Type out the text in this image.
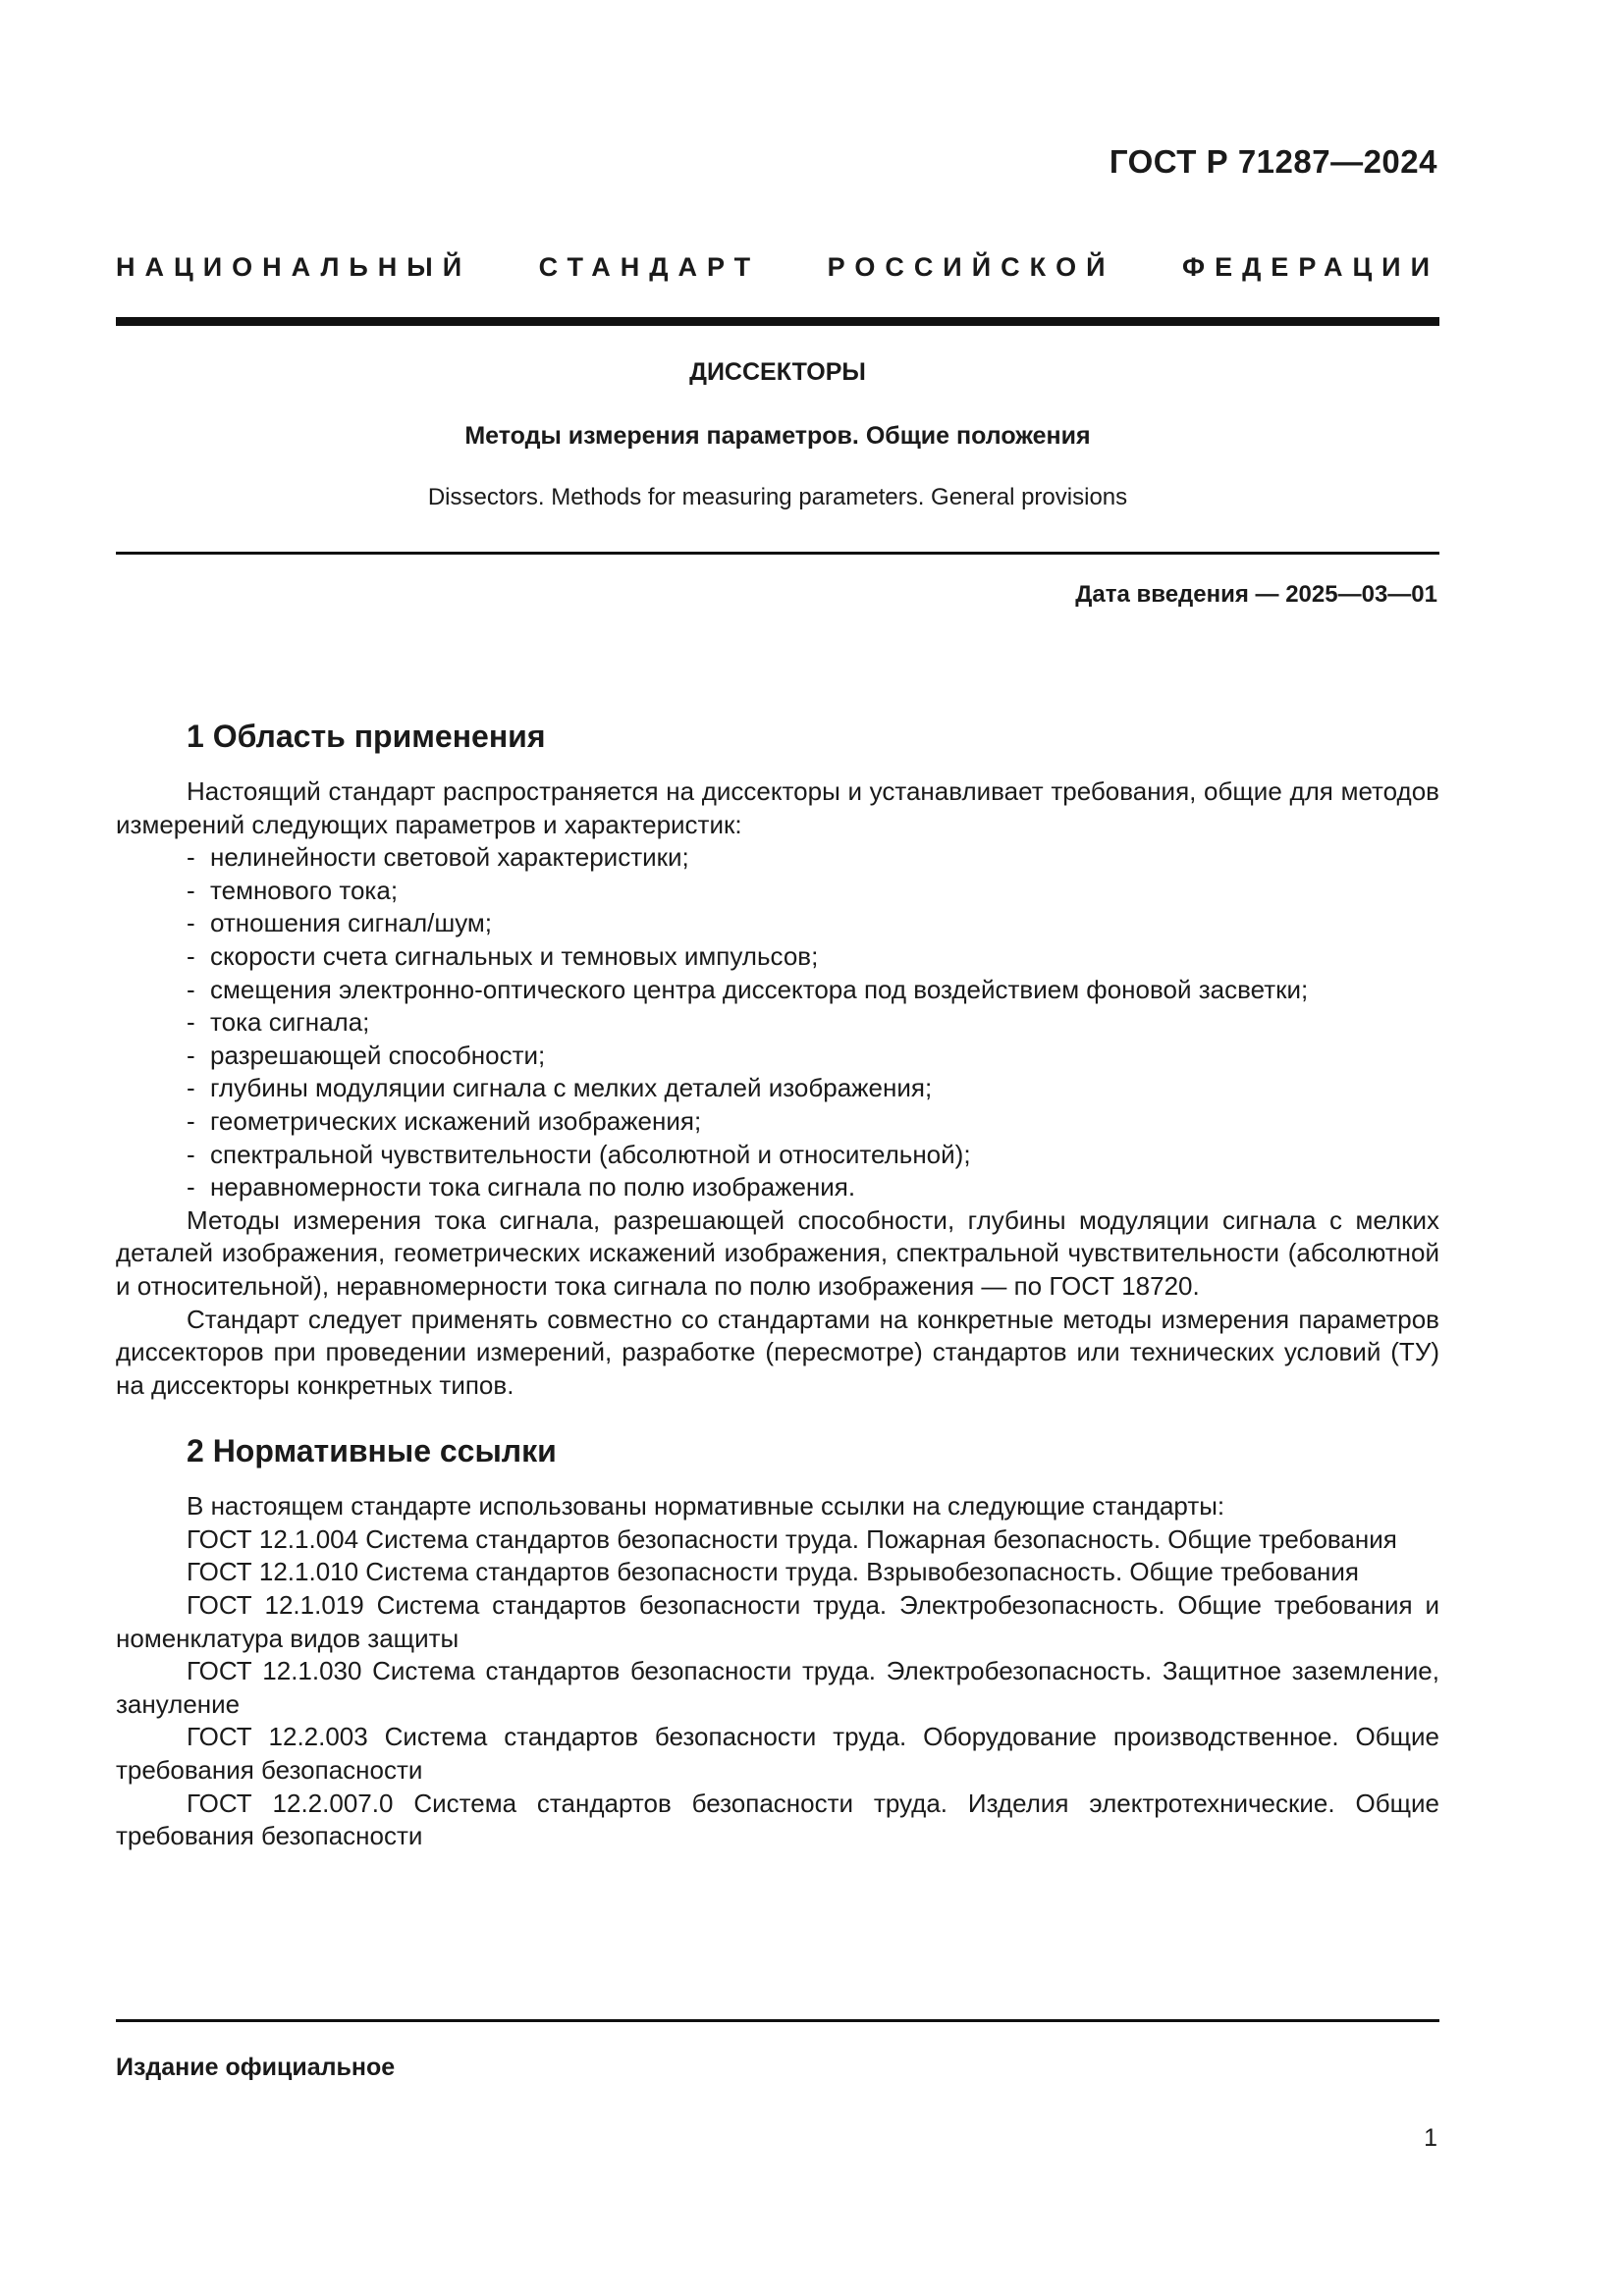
ГОСТ Р 71287—2024
НАЦИОНАЛЬНЫЙ СТАНДАРТ РОССИЙСКОЙ ФЕДЕРАЦИИ
ДИССЕКТОРЫ
Методы измерения параметров. Общие положения
Dissectors. Methods for measuring parameters. General provisions
Дата введения — 2025—03—01
1 Область применения

Настоящий стандарт распространяется на диссекторы и устанавливает требования, общие для методов измерений следующих параметров и характеристик:

- нелинейности световой характеристики;
- темнового тока;
- отношения сигнал/шум;
- скорости счета сигнальных и темновых импульсов;
- смещения электронно-оптического центра диссектора под воздействием фоновой засветки;
- тока сигнала;
- разрешающей способности;
- глубины модуляции сигнала с мелких деталей изображения;
- геометрических искажений изображения;
- спектральной чувствительности (абсолютной и относительной);
- неравномерности тока сигнала по полю изображения.

Методы измерения тока сигнала, разрешающей способности, глубины модуляции сигнала с мелких деталей изображения, геометрических искажений изображения, спектральной чувствительности (абсолютной и относительной), неравномерности тока сигнала по полю изображения — по ГОСТ 18720.

Стандарт следует применять совместно со стандартами на конкретные методы измерения параметров диссекторов при проведении измерений, разработке (пересмотре) стандартов или технических условий (ТУ) на диссекторы конкретных типов.

2 Нормативные ссылки

В настоящем стандарте использованы нормативные ссылки на следующие стандарты:

ГОСТ 12.1.004 Система стандартов безопасности труда. Пожарная безопасность. Общие требования

ГОСТ 12.1.010 Система стандартов безопасности труда. Взрывобезопасность. Общие требования

ГОСТ 12.1.019 Система стандартов безопасности труда. Электробезопасность. Общие требования и номенклатура видов защиты

ГОСТ 12.1.030 Система стандартов безопасности труда. Электробезопасность. Защитное заземление, зануление

ГОСТ 12.2.003 Система стандартов безопасности труда. Оборудование производственное. Общие требования безопасности

ГОСТ 12.2.007.0 Система стандартов безопасности труда. Изделия электротехнические. Общие требования безопасности

Издание официальное
1
